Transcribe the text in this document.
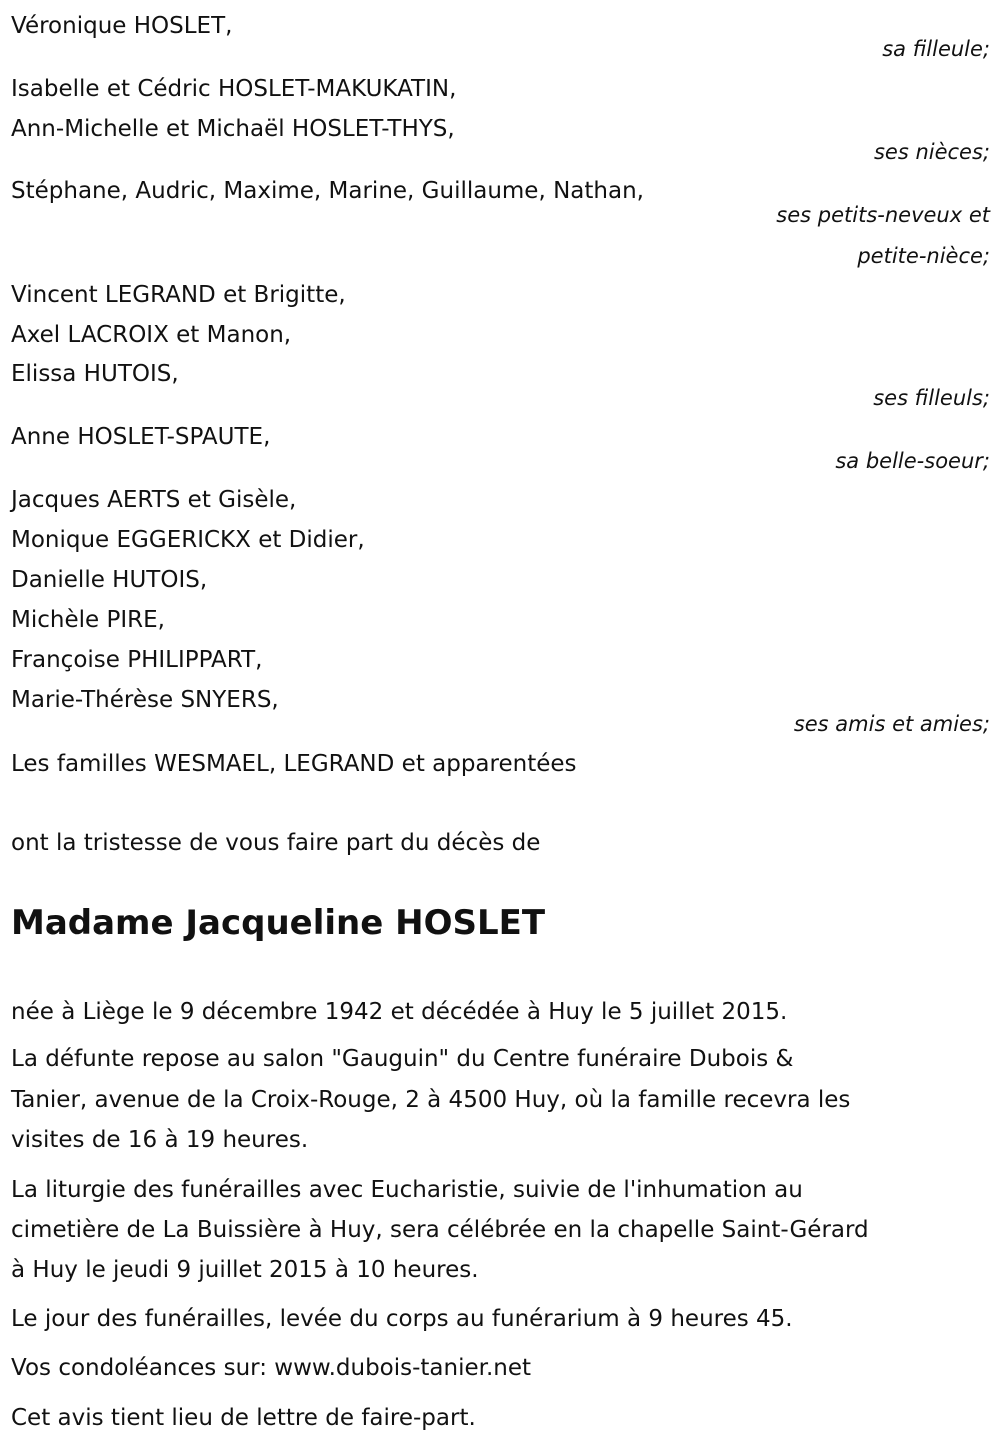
Véronique HOSLET,
sa filleule;
Isabelle et Cédric HOSLET-MAKUKATIN,
Ann-Michelle et Michaël HOSLET-THYS,
ses nièces;
Stéphane, Audric, Maxime, Marine, Guillaume, Nathan,
ses petits-neveux et
petite-nièce;
Vincent LEGRAND et Brigitte,
Axel LACROIX et Manon,
Elissa HUTOIS,
ses filleuls;
Anne HOSLET-SPAUTE,
sa belle-soeur;
Jacques AERTS et Gisèle,
Monique EGGERICKX et Didier,
Danielle HUTOIS,
Michèle PIRE,
Françoise PHILIPPART,
Marie-Thérèse SNYERS,
ses amis et amies;
Les familles WESMAEL, LEGRAND et apparentées
ont la tristesse de vous faire part du décès de
Madame Jacqueline HOSLET
née à Liège le 9 décembre 1942 et décédée à Huy le 5 juillet 2015.
La défunte repose au salon "Gauguin" du Centre funéraire Dubois &
Tanier, avenue de la Croix-Rouge, 2 à 4500 Huy, où la famille recevra les
visites de 16 à 19 heures.
La liturgie des funérailles avec Eucharistie, suivie de l'inhumation au
cimetière de La Buissière à Huy, sera célébrée en la chapelle Saint-Gérard
à Huy le jeudi 9 juillet 2015 à 10 heures.
Le jour des funérailles, levée du corps au funérarium à 9 heures 45.
Vos condoléances sur: www.dubois-tanier.net
Cet avis tient lieu de lettre de faire-part.
